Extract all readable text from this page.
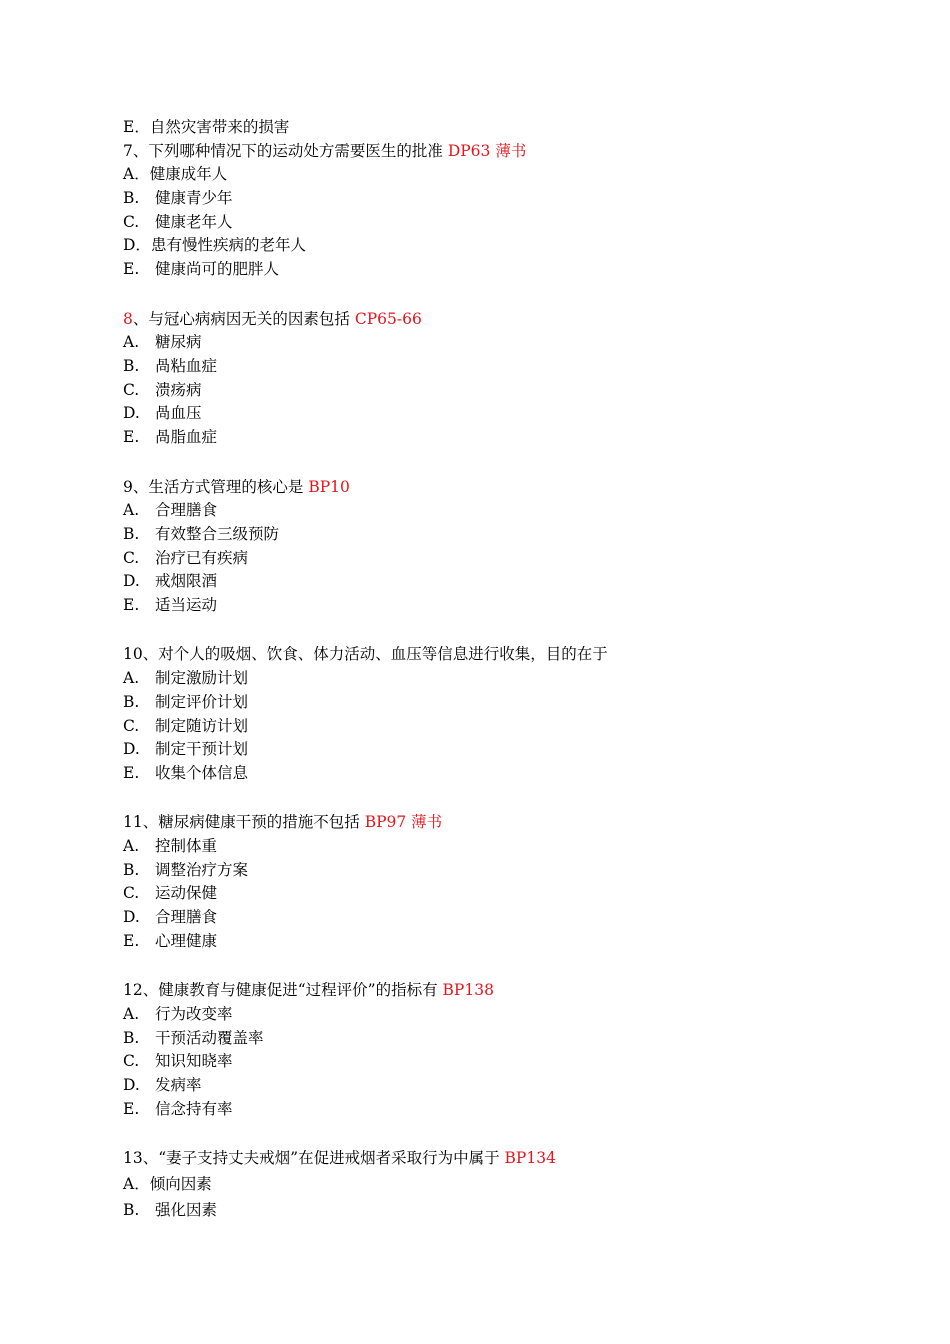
E．自然灾害带来的损害
7、下列哪种情况下的运动处方需要医生的批准 DP63 薄书
A．健康成年人
B. 健康青少年
C. 健康老年人
D．患有慢性疾病的老年人
E. 健康尚可的肥胖人
8、与冠心病病因无关的因素包括 CP65-66
A. 糖尿病
B. 咼粘血症
C. 溃疡病
D. 咼血压
E. 咼脂血症
9、生活方式管理的核心是 BP10
A. 合理膳食
B. 有效整合三级预防
C. 治疗已有疾病
D. 戒烟限酒
E. 适当运动
10、对个人的吸烟、饮食、体力活动、血压等信息进行收集，目的在于
A. 制定激励计划
B. 制定评价计划
C. 制定随访计划
D. 制定干预计划
E. 收集个体信息
11、糖尿病健康干预的措施不包括 BP97 薄书
A. 控制体重
B. 调整治疗方案
C. 运动保健
D. 合理膳食
E. 心理健康
12、健康教育与健康促进“过程评价”的指标有 BP138
A. 行为改变率
B. 干预活动覆盖率
C. 知识知晓率
D. 发病率
E. 信念持有率
13、“妻子支持丈夫戒烟”在促进戒烟者采取行为中属于 BP134
A．倾向因素
B. 强化因素
